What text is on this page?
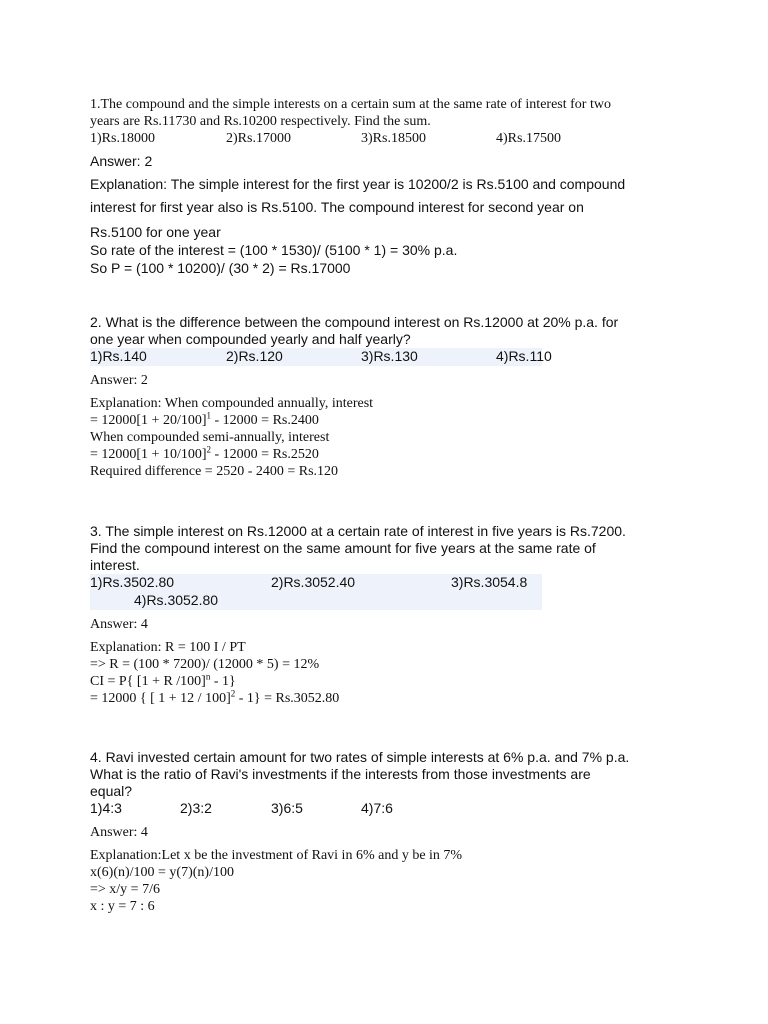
1.The compound and the simple interests on a certain sum at the same rate of interest for two
years are Rs.11730 and Rs.10200 respectively. Find the sum.
1)Rs.18000	2)Rs.17000	3)Rs.18500	4)Rs.17500
Answer: 2
Explanation: The simple interest for the first year is 10200/2 is Rs.5100 and compound
interest for first year also is Rs.5100. The compound interest for second year on
Rs.5100 for one year
So rate of the interest = (100 * 1530)/ (5100 * 1) = 30% p.a.
So P = (100 * 10200)/ (30 * 2) = Rs.17000
2. What is the difference between the compound interest on Rs.12000 at 20% p.a. for
one year when compounded yearly and half yearly?
1)Rs.140	2)Rs.120	3)Rs.130	4)Rs.110
Answer: 2
Explanation: When compounded annually, interest
= $12000[1 + 20/100]^1 - 12000 = Rs.2400$
When compounded semi-annually, interest
= $12000[1 + 10/100]^2 - 12000 = Rs.2520$
Required difference = 2520 - 2400 = Rs.120
3. The simple interest on Rs.12000 at a certain rate of interest in five years is Rs.7200.
Find the compound interest on the same amount for five years at the same rate of
interest.
1)Rs.3502.80	2)Rs.3052.40	3)Rs.3054.8
4)Rs.3052.80
Answer: 4
Explanation: R = 100 I / PT
=> R = (100 * 7200)/ (12000 * 5) = 12%
CI = P{ [1 + R /100]$^n$ - 1}
= 12000 { [ 1 + 12 / 100]$^2$ - 1} = Rs.3052.80
4. Ravi invested certain amount for two rates of simple interests at 6% p.a. and 7% p.a.
What is the ratio of Ravi's investments if the interests from those investments are
equal?
1)4:3	2)3:2	3)6:5	4)7:6
Answer: 4
Explanation:Let x be the investment of Ravi in 6% and y be in 7%
x(6)(n)/100 = y(7)(n)/100
=> x/y = 7/6
x : y = 7 : 6
